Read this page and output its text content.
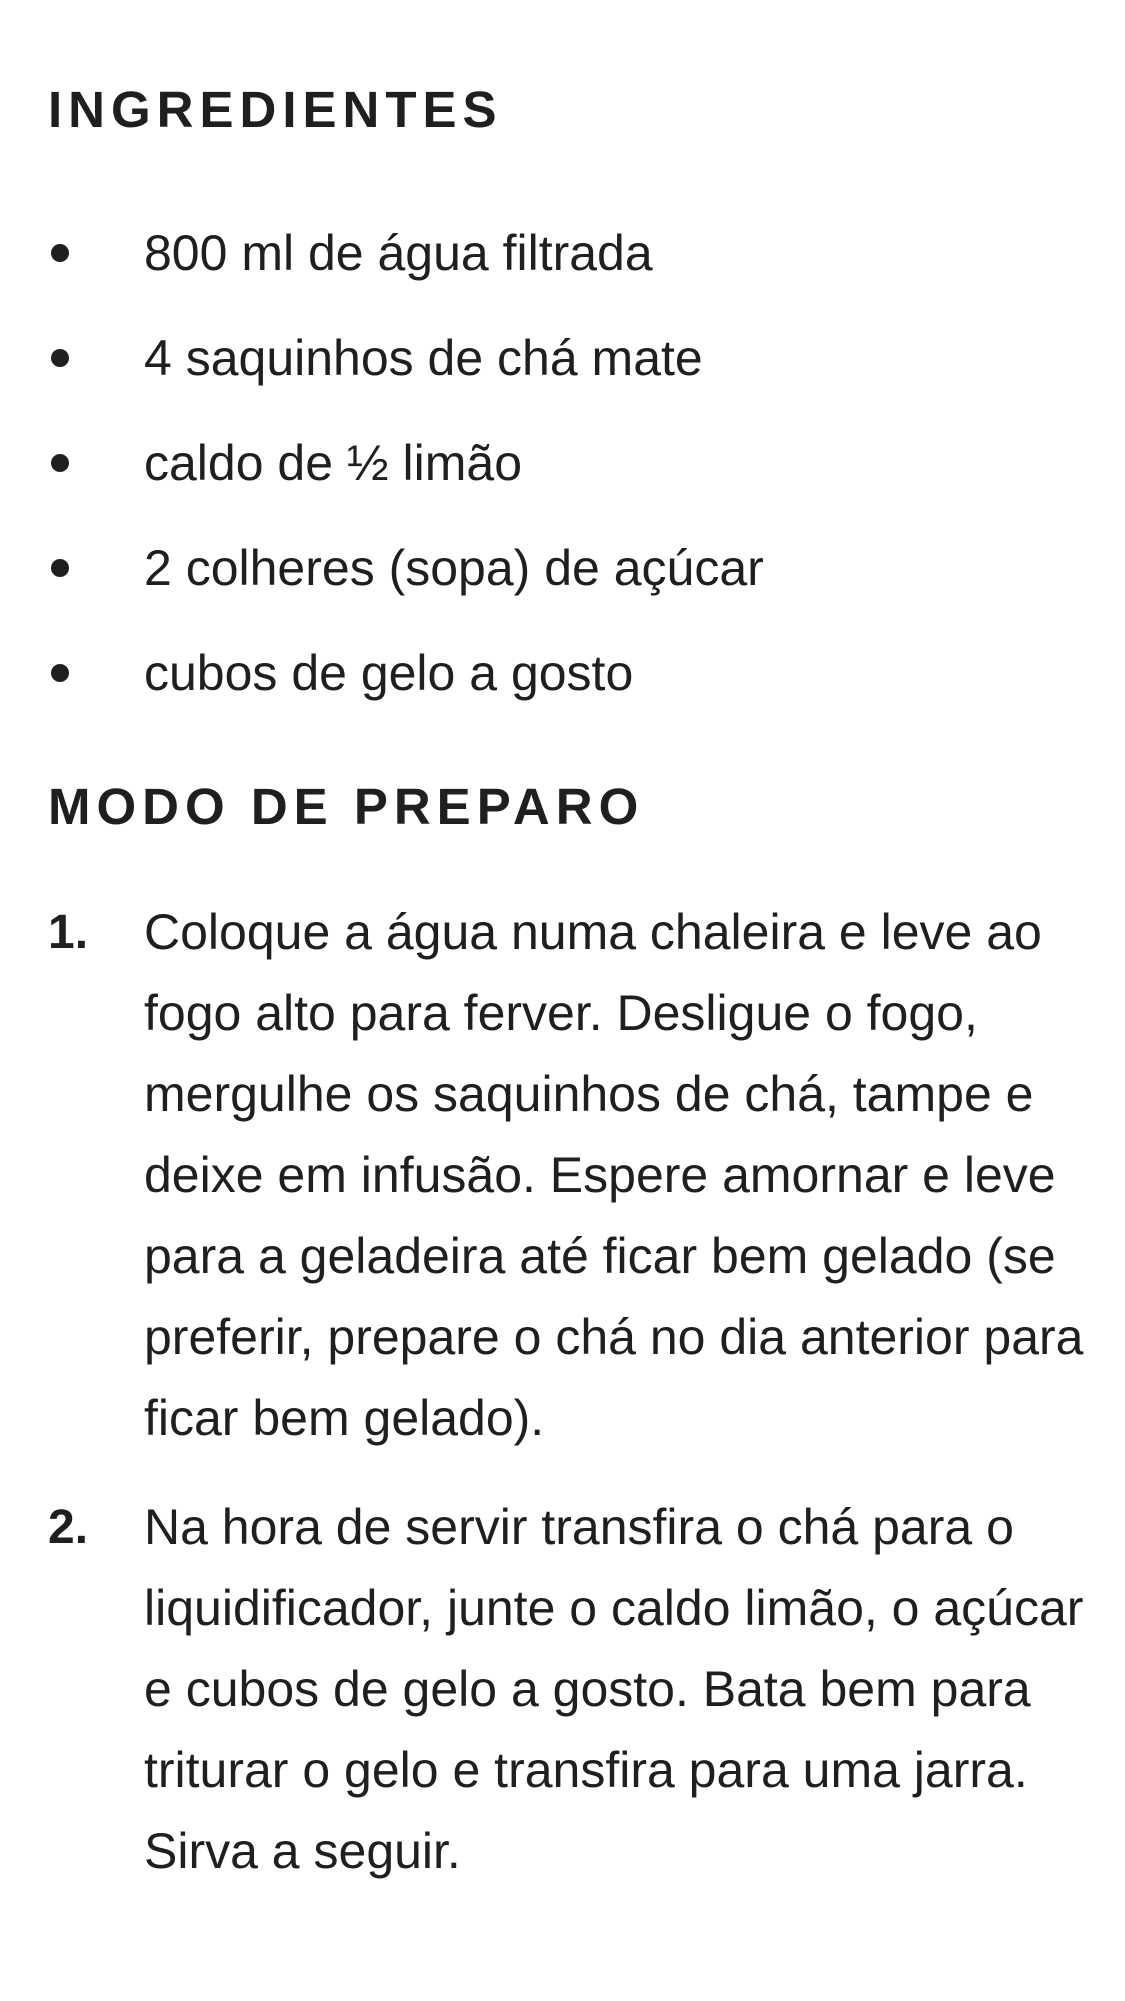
INGREDIENTES
800 ml de água filtrada
4 saquinhos de chá mate
caldo de ½ limão
2 colheres (sopa) de açúcar
cubos de gelo a gosto
MODO DE PREPARO
1.	Coloque a água numa chaleira e leve ao fogo alto para ferver. Desligue o fogo, mergulhe os saquinhos de chá, tampe e deixe em infusão. Espere amornar e leve para a geladeira até ficar bem gelado (se preferir, prepare o chá no dia anterior para ficar bem gelado).
2.	Na hora de servir transfira o chá para o liquidificador, junte o caldo limão, o açúcar e cubos de gelo a gosto. Bata bem para triturar o gelo e transfira para uma jarra. Sirva a seguir.
